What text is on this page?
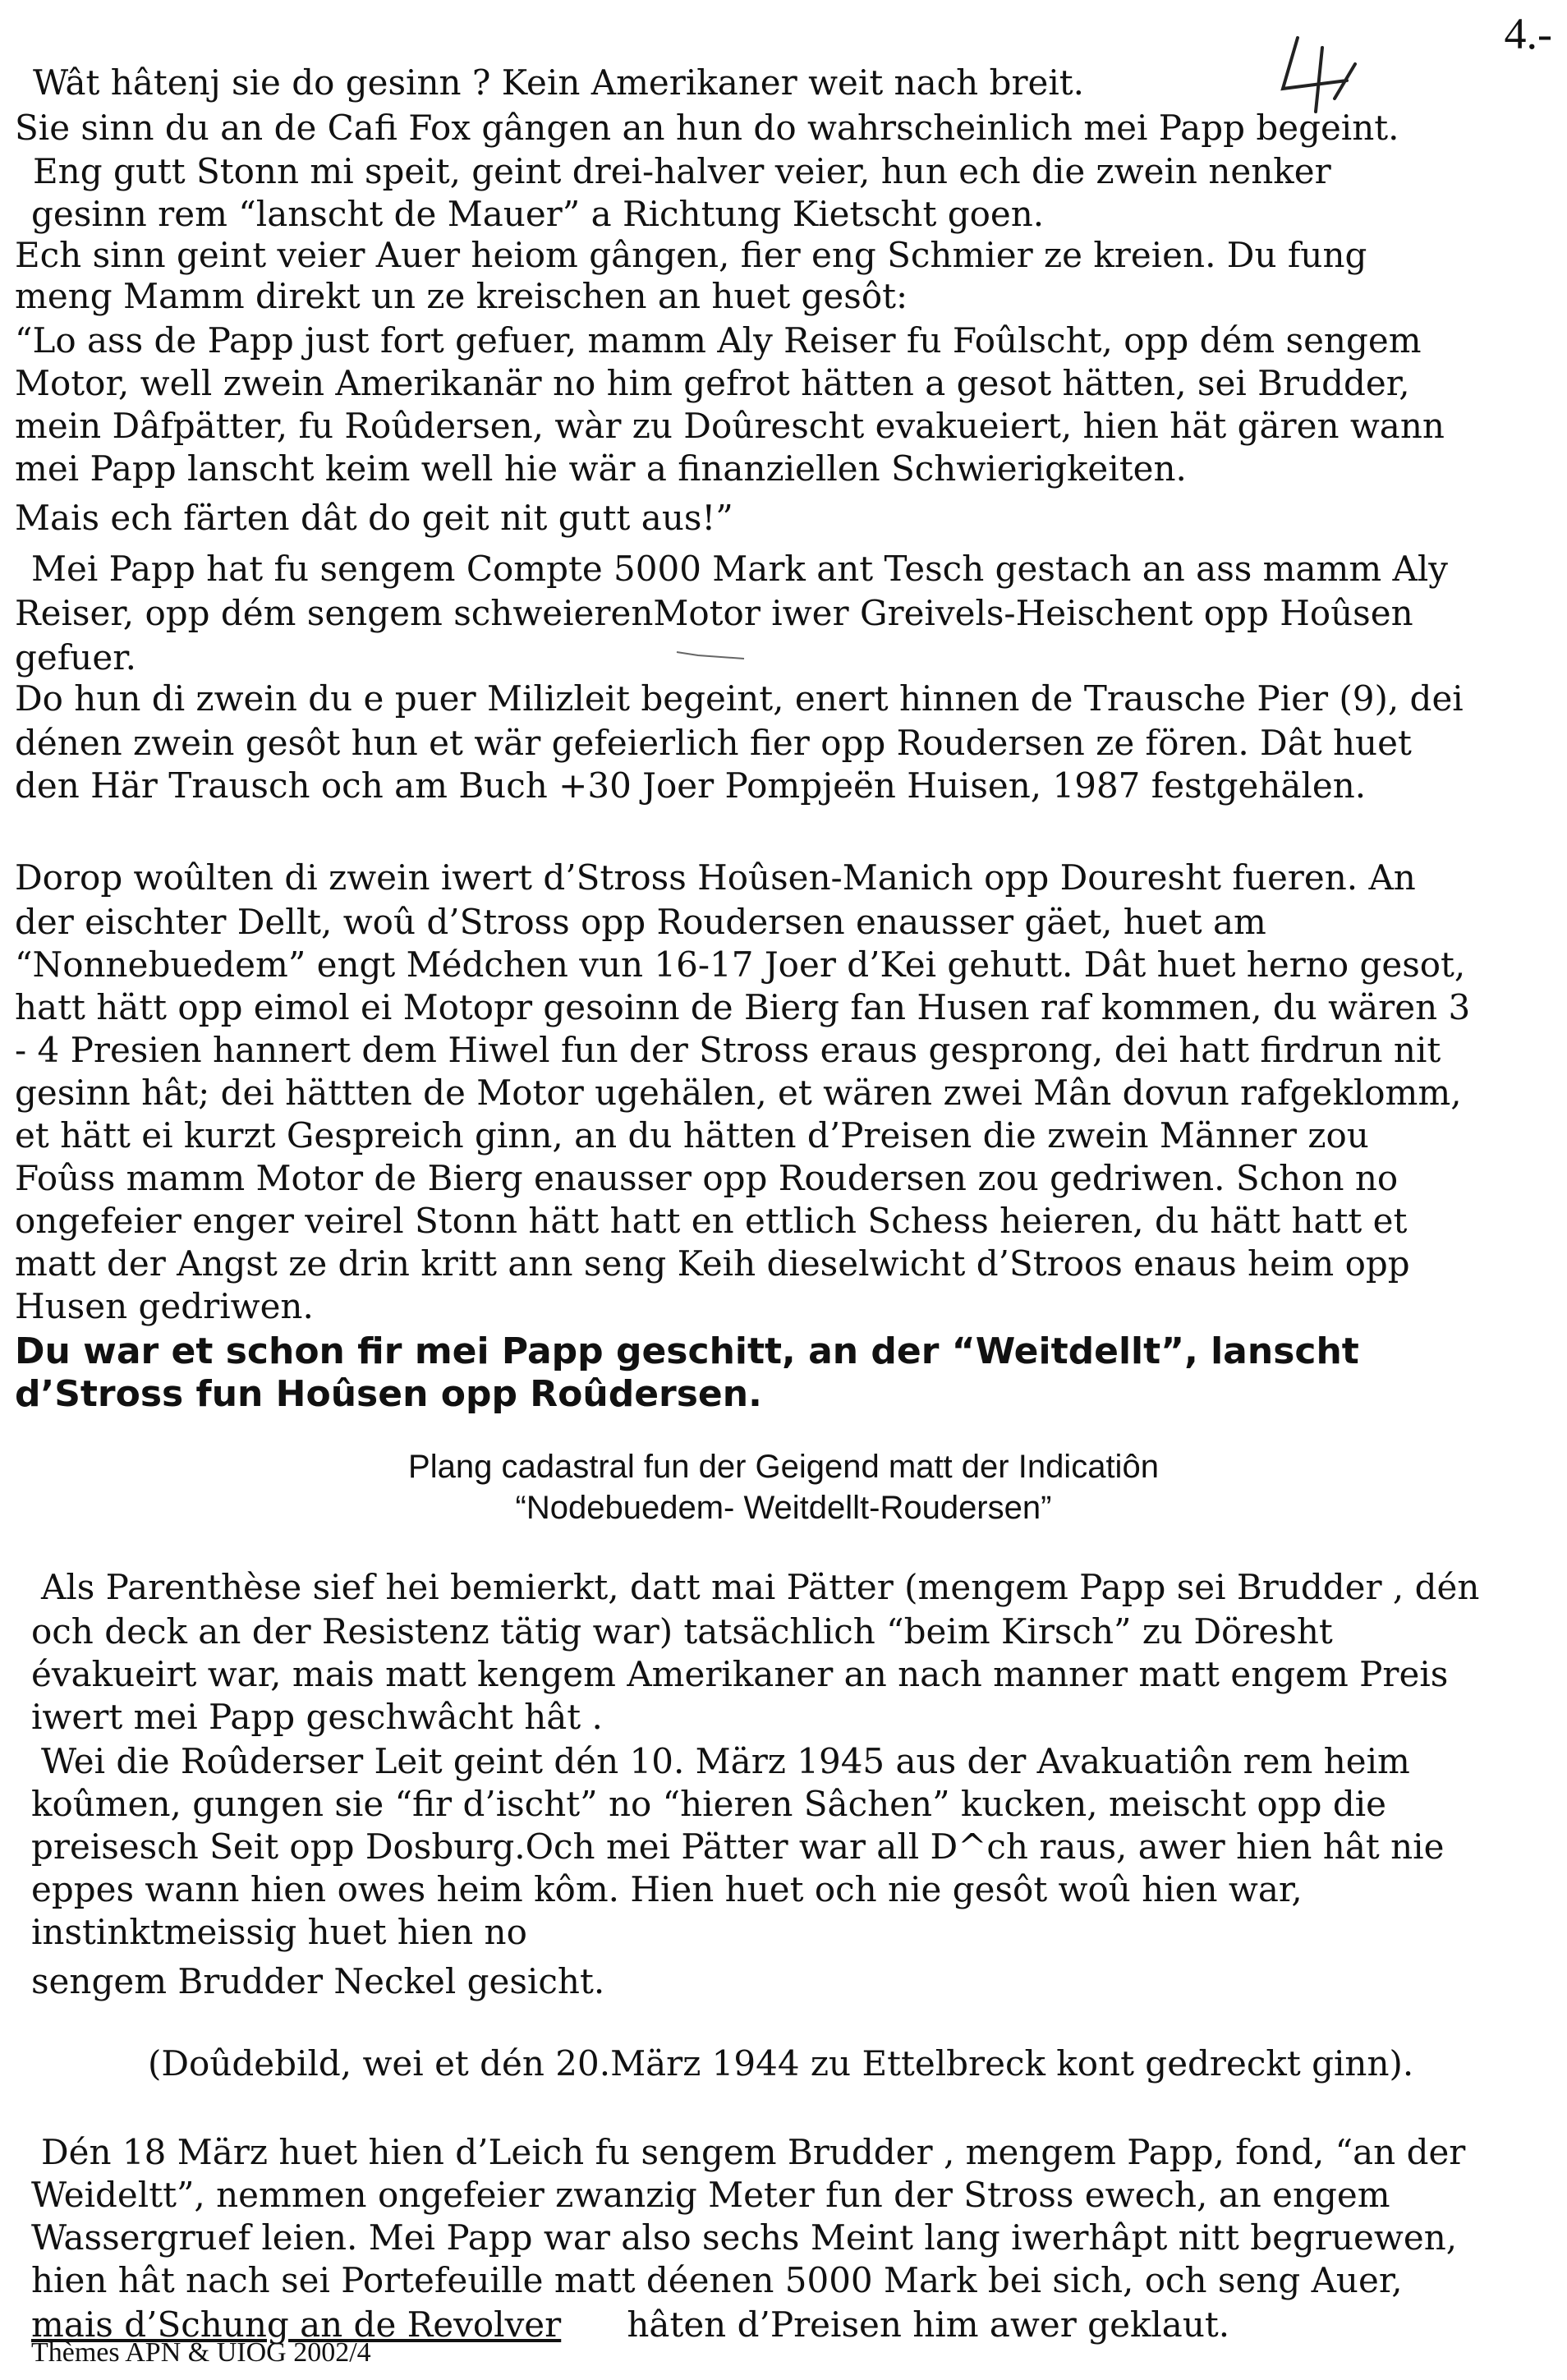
4.-
Wât hâtenj sie do gesinn ? Kein Amerikaner weit nach breit.
Sie sinn du an de Cafi Fox gângen an hun do wahrscheinlich mei Papp begeint.
Eng gutt Stonn mi speit, geint drei-halver veier, hun ech die zwein nenker
gesinn rem “lanscht de Mauer” a Richtung Kietscht goen.
Ech sinn geint veier Auer heiom gângen, fier eng Schmier ze kreien. Du fung
meng Mamm direkt un ze kreischen an huet gesôt:
“Lo ass de Papp just fort gefuer, mamm Aly Reiser fu Foûlscht, opp dém sengem
Motor, well zwein Amerikanär no him gefrot hätten a gesot hätten, sei Brudder,
mein Dâfpätter, fu Roûdersen, wàr zu Doûrescht evakueiert, hien hät gären wann
mei Papp lanscht keim well hie wär a finanziellen Schwierigkeiten.
Mais ech färten dât do geit nit gutt aus!”
Mei Papp hat fu sengem Compte 5000 Mark ant Tesch gestach an ass mamm Aly
Reiser, opp dém sengem schweierenMotor iwer Greivels-Heischent opp Hoûsen
gefuer.
Do hun di zwein du e puer Milizleit begeint, enert hinnen de Trausche Pier (9), dei
dénen zwein gesôt hun et wär gefeierlich fier opp Roudersen ze fören. Dât huet
den Här Trausch och am Buch +30 Joer Pompjeën Huisen, 1987 festgehälen.
Dorop woûlten di zwein iwert d’Stross Hoûsen-Manich opp Douresht fueren. An
der eischter Dellt, woû d’Stross opp Roudersen enausser gäet, huet am
“Nonnebuedem” engt Médchen vun 16-17 Joer d’Kei gehutt. Dât huet herno gesot,
hatt hätt opp eimol ei Motopr gesoinn de Bierg fan Husen raf kommen, du wären 3
- 4 Presien hannert dem Hiwel fun der Stross eraus gesprong, dei hatt firdrun nit
gesinn hât; dei hättten de Motor ugehälen, et wären zwei Mân dovun rafgeklomm,
et hätt ei kurzt Gespreich ginn, an du hätten d’Preisen die zwein Männer zou
Foûss mamm Motor de Bierg enausser opp Roudersen zou gedriwen. Schon no
ongefeier enger veirel Stonn hätt hatt en ettlich Schess heieren, du hätt hatt et
matt der Angst ze drin kritt ann seng Keih dieselwicht d’Stroos enaus heim opp
Husen gedriwen.
Du war et schon fir mei Papp geschitt, an der “Weitdellt”, lanscht
d’Stross fun Hoûsen opp Roûdersen.
Plang cadastral fun der Geigend matt der Indicatiôn
“Nodebuedem- Weitdellt-Roudersen”
Als Parenthèse sief hei bemierkt, datt mai Pätter (mengem Papp sei Brudder , dén
och deck an der Resistenz tätig war) tatsächlich “beim Kirsch” zu Döresht
évakueirt war, mais matt kengem Amerikaner an nach manner matt engem Preis
iwert mei Papp geschwâcht hât .
Wei die Roûderser Leit geint dén 10. März 1945 aus der Avakuatiôn rem heim
koûmen, gungen sie “fir d’ischt” no “hieren Sâchen” kucken, meischt opp die
preisesch Seit opp Dosburg.Och mei Pätter war all D^ch raus, awer hien hât nie
eppes wann hien owes heim kôm. Hien huet och nie gesôt woû hien war,
instinktmeissig huet hien no
sengem Brudder Neckel gesicht.
(Doûdebild, wei et dén 20.März 1944 zu Ettelbreck kont gedreckt ginn).
Dén 18 März huet hien d’Leich fu sengem Brudder , mengem Papp, fond, “an der
Weideltt”, nemmen ongefeier zwanzig Meter fun der Stross ewech, an engem
Wassergruef leien. Mei Papp war also sechs Meint lang iwerhâpt nitt begruewen,
hien hât nach sei Portefeuille matt déenen 5000 Mark bei sich, och seng Auer,
mais d’Schung an de Revolver hâten d’Preisen him awer geklaut.
Thèmes APN & UIOG 2002/4
